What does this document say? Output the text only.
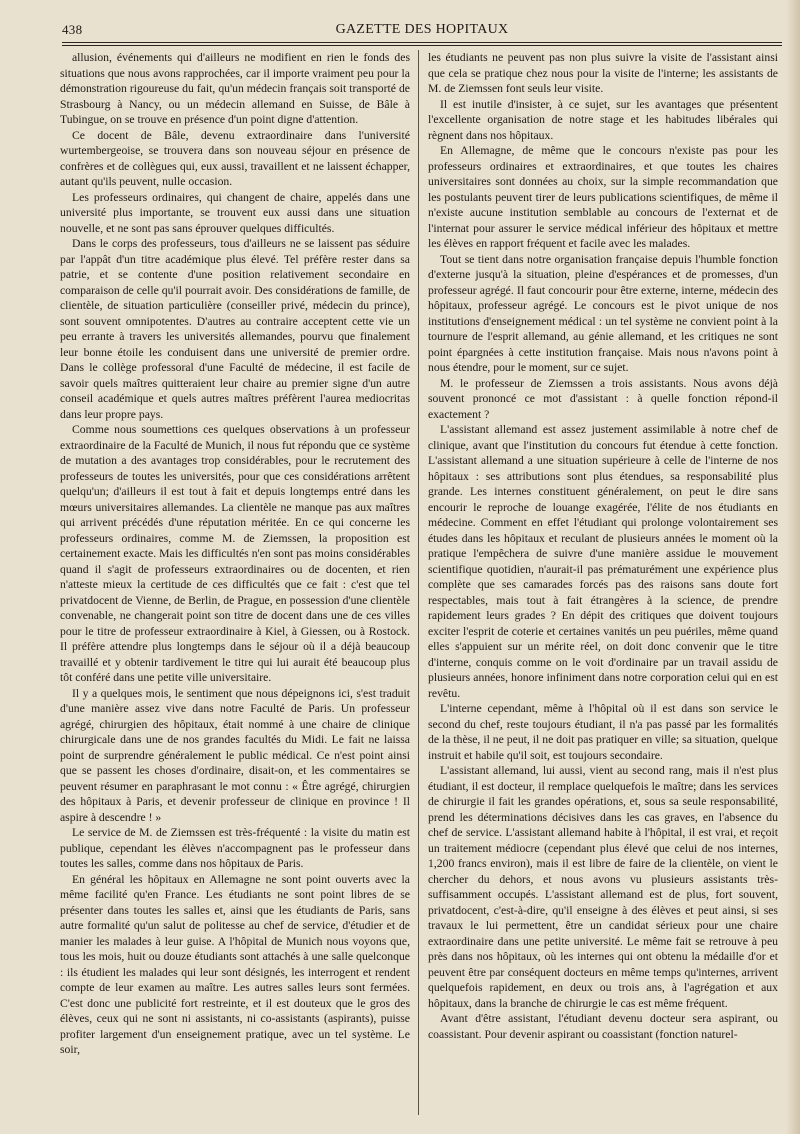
438	GAZETTE DES HOPITAUX

allusion, événements qui d'ailleurs ne modifient en rien le fonds des situations que nous avons rapprochées, car il importe vraiment peu pour la démonstration rigoureuse du fait, qu'un médecin français soit transporté de Strasbourg à Nancy, ou un médecin allemand en Suisse, de Bâle à Tubingue, on se trouve en présence d'un point digne d'attention.

Ce docent de Bâle, devenu extraordinaire dans l'université wurtembergeoise, se trouvera dans son nouveau séjour en présence de confrères et de collègues qui, eux aussi, travaillent et ne laissent échapper, autant qu'ils peuvent, nulle occasion.

Les professeurs ordinaires, qui changent de chaire, appelés dans une université plus importante, se trouvent eux aussi dans une situation nouvelle, et ne sont pas sans éprouver quelques difficultés.

Dans le corps des professeurs, tous d'ailleurs ne se laissent pas séduire par l'appât d'un titre académique plus élevé. Tel préfère rester dans sa patrie, et se contente d'une position relativement secondaire en comparaison de celle qu'il pourrait avoir. Des considérations de famille, de clientèle, de situation particulière (conseiller privé, médecin du prince), sont souvent omnipotentes. D'autres au contraire acceptent cette vie un peu errante à travers les universités allemandes, pourvu que finalement leur bonne étoile les conduisent dans une université de premier ordre. Dans le collège professoral d'une Faculté de médecine, il est facile de savoir quels maîtres quitteraient leur chaire au premier signe d'un autre conseil académique et quels autres maîtres préfèrent l'aurea mediocritas dans leur propre pays.

Comme nous soumettions ces quelques observations à un professeur extraordinaire de la Faculté de Munich, il nous fut répondu que ce système de mutation a des avantages trop considérables, pour le recrutement des professeurs de toutes les universités, pour que ces considérations arrêtent quelqu'un; d'ailleurs il est tout à fait et depuis longtemps entré dans les mœurs universitaires allemandes. La clientèle ne manque pas aux maîtres qui arrivent précédés d'une réputation méritée. En ce qui concerne les professeurs ordinaires, comme M. de Ziemssen, la proposition est certainement exacte. Mais les difficultés n'en sont pas moins considérables quand il s'agit de professeurs extraordinaires ou de docenten, et rien n'atteste mieux la certitude de ces difficultés que ce fait : c'est que tel privatdocent de Vienne, de Berlin, de Prague, en possession d'une clientèle convenable, ne changerait point son titre de docent dans une de ces villes pour le titre de professeur extraordinaire à Kiel, à Giessen, ou à Rostock. Il préfère attendre plus longtemps dans le séjour où il a déjà beaucoup travaillé et y obtenir tardivement le titre qui lui aurait été beaucoup plus tôt conféré dans une petite ville universitaire.

Il y a quelques mois, le sentiment que nous dépeignons ici, s'est traduit d'une manière assez vive dans notre Faculté de Paris. Un professeur agrégé, chirurgien des hôpitaux, était nommé à une chaire de clinique chirurgicale dans une de nos grandes facultés du Midi. Le fait ne laissa point de surprendre généralement le public médical. Ce n'est point ainsi que se passent les choses d'ordinaire, disait-on, et les commentaires se peuvent résumer en paraphrasant le mot connu : « Être agrégé, chirurgien des hôpitaux à Paris, et devenir professeur de clinique en province ! Il aspire à descendre ! »

Le service de M. de Ziemssen est très-fréquenté : la visite du matin est publique, cependant les élèves n'accompagnent pas le professeur dans toutes les salles, comme dans nos hôpitaux de Paris.

En général les hôpitaux en Allemagne ne sont point ouverts avec la même facilité qu'en France. Les étudiants ne sont point libres de se présenter dans toutes les salles et, ainsi que les étudiants de Paris, sans autre formalité qu'un salut de politesse au chef de service, d'étudier et de manier les malades à leur guise. A l'hôpital de Munich nous voyons que, tous les mois, huit ou douze étudiants sont attachés à une salle quelconque : ils étudient les malades qui leur sont désignés, les interrogent et rendent compte de leur examen au maître. Les autres salles leurs sont fermées. C'est donc une publicité fort restreinte, et il est douteux que le gros des élèves, ceux qui ne sont ni assistants, ni co-assistants (aspirants), puisse profiter largement d'un enseignement pratique, avec un tel système. Le soir,

les étudiants ne peuvent pas non plus suivre la visite de l'assistant ainsi que cela se pratique chez nous pour la visite de l'interne; les assistants de M. de Ziemssen font seuls leur visite.

Il est inutile d'insister, à ce sujet, sur les avantages que présentent l'excellente organisation de notre stage et les habitudes libérales qui règnent dans nos hôpitaux.

En Allemagne, de même que le concours n'existe pas pour les professeurs ordinaires et extraordinaires, et que toutes les chaires universitaires sont données au choix, sur la simple recommandation que les postulants peuvent tirer de leurs publications scientifiques, de même il n'existe aucune institution semblable au concours de l'externat et de l'internat pour assurer le service médical inférieur des hôpitaux et mettre les élèves en rapport fréquent et facile avec les malades.

Tout se tient dans notre organisation française depuis l'humble fonction d'externe jusqu'à la situation, pleine d'espérances et de promesses, d'un professeur agrégé. Il faut concourir pour être externe, interne, médecin des hôpitaux, professeur agrégé. Le concours est le pivot unique de nos institutions d'enseignement médical : un tel système ne convient point à la tournure de l'esprit allemand, au génie allemand, et les critiques ne sont point épargnées à cette institution française. Mais nous n'avons point à nous étendre, pour le moment, sur ce sujet.

M. le professeur de Ziemssen a trois assistants. Nous avons déjà souvent prononcé ce mot d'assistant : à quelle fonction répond-il exactement ?

L'assistant allemand est assez justement assimilable à notre chef de clinique, avant que l'institution du concours fut étendue à cette fonction. L'assistant allemand a une situation supérieure à celle de l'interne de nos hôpitaux : ses attributions sont plus étendues, sa responsabilité plus grande. Les internes constituent généralement, on peut le dire sans encourir le reproche de louange exagérée, l'élite de nos étudiants en médecine. Comment en effet l'étudiant qui prolonge volontairement ses études dans les hôpitaux et reculant de plusieurs années le moment où la pratique l'empêchera de suivre d'une manière assidue le mouvement scientifique quotidien, n'aurait-il pas prématurément une expérience plus complète que ses camarades forcés pas des raisons sans doute fort respectables, mais tout à fait étrangères à la science, de prendre rapidement leurs grades ? En dépit des critiques que doivent toujours exciter l'esprit de coterie et certaines vanités un peu puériles, même quand elles s'appuient sur un mérite réel, on doit donc convenir que le titre d'interne, conquis comme on le voit d'ordinaire par un travail assidu de plusieurs années, honore infiniment dans notre corporation celui qui en est revêtu.

L'interne cependant, même à l'hôpital où il est dans son service le second du chef, reste toujours étudiant, il n'a pas passé par les formalités de la thèse, il ne peut, il ne doit pas pratiquer en ville; sa situation, quelque instruit et habile qu'il soit, est toujours secondaire.

L'assistant allemand, lui aussi, vient au second rang, mais il n'est plus étudiant, il est docteur, il remplace quelquefois le maître; dans les services de chirurgie il fait les grandes opérations, et, sous sa seule responsabilité, prend les déterminations décisives dans les cas graves, en l'absence du chef de service. L'assistant allemand habite à l'hôpital, il est vrai, et reçoit un traitement médiocre (cependant plus élevé que celui de nos internes, 1,200 francs environ), mais il est libre de faire de la clientèle, on vient le chercher du dehors, et nous avons vu plusieurs assistants très-suffisamment occupés. L'assistant allemand est de plus, fort souvent, privatdocent, c'est-à-dire, qu'il enseigne à des élèves et peut ainsi, si ses travaux le lui permettent, être un candidat sérieux pour une chaire extraordinaire dans une petite université. Le même fait se retrouve à peu près dans nos hôpitaux, où les internes qui ont obtenu la médaille d'or et peuvent être par conséquent docteurs en même temps qu'internes, arrivent quelquefois rapidement, en deux ou trois ans, à l'agrégation et aux hôpitaux, dans la branche de chirurgie le cas est même fréquent.

Avant d'être assistant, l'étudiant devenu docteur sera aspirant, ou coassistant. Pour devenir aspirant ou coassistant (fonction naturel-
